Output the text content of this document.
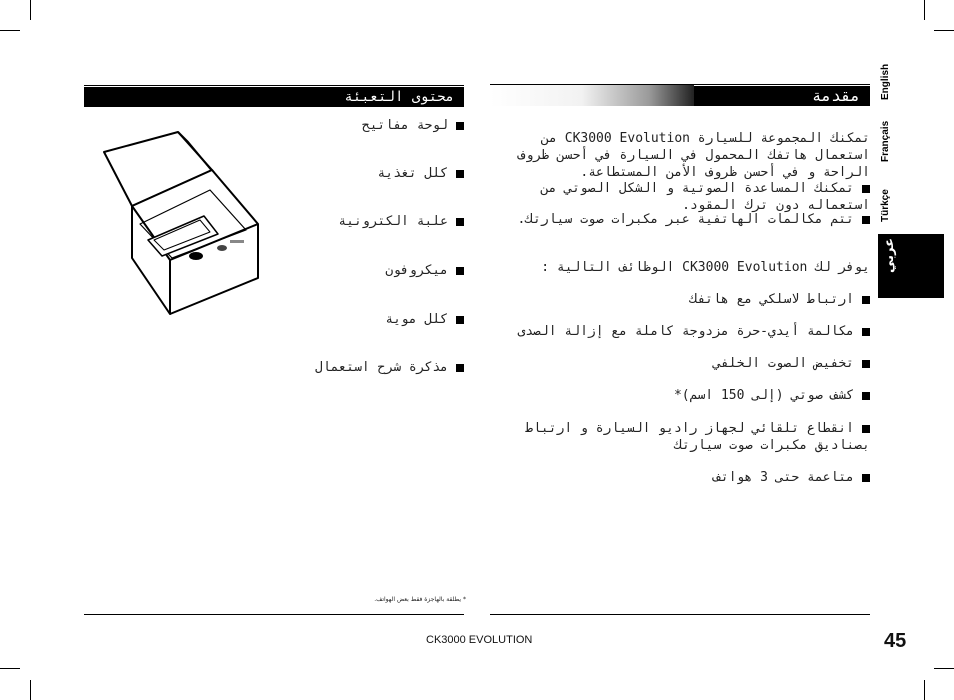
محتوى التعبئة	مقدمة
لوحة مفاتيح
كلل تغذية
علبة الكترونية
ميكروفون
كلل موية
مذكرة شرح استعمال
تمكنك المجموعة للسيارة CK3000 Evolution من
استعمال هاتفك المحمول في السيارة في أحسن ظروف
الراحة و في أحسن ظروف الأمن المستطاعة.
تمكنك المساعدة الصوتية و الشكل الصوتي من
استعماله دون ترك المقود.
تتم مكالمات الهاتفية عبر مكبرات صوت سيارتك.
يوفر لك CK3000 Evolution الوظائف التالية :
ارتباط لاسلكي مع هاتفك
مكالمة أيدي-حرة مزدوجة كاملة مع إزالة الصدى
تخفيض الصوت الخلفي
كشف صوتي (إلى 150 اسم)*
انقطاع تلقائي لجهاز راديو السيارة و ارتباط
بصناديق مكبرات صوت سيارتك
متاع‏مة حتى 3 هواتف
* يطلقة بالهاجزة فقط بعض الهواتف.
English
Français
Türkçe
عربي
CK3000 EVOLUTION	45
